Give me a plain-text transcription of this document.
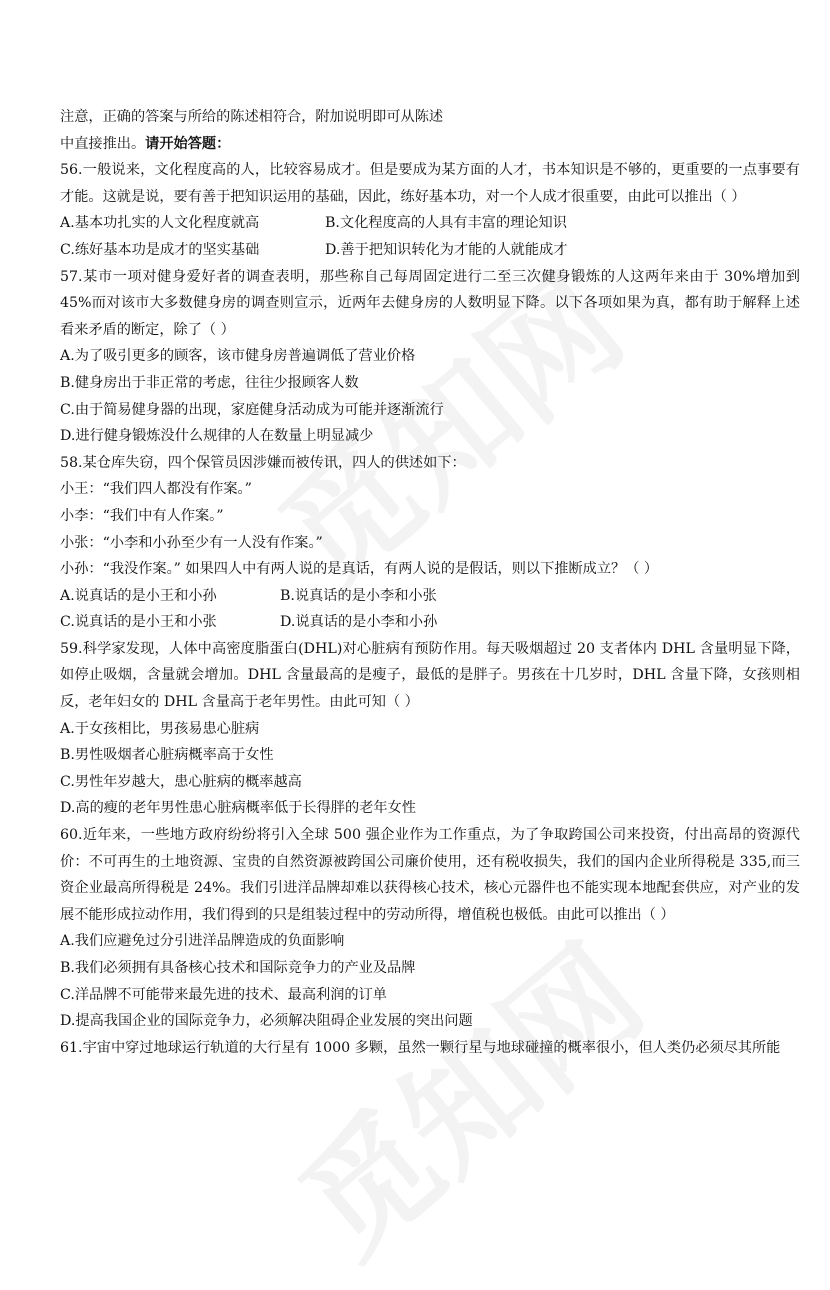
注意，正确的答案与所给的陈述相符合，附加说明即可从陈述
中直接推出。请开始答题：
56.一般说来，文化程度高的人，比较容易成才。但是要成为某方面的人才，书本知识是不够的，更重要的一点事要有才能。这就是说，要有善于把知识运用的基础，因此，练好基本功，对一个人成才很重要，由此可以推出（ ）
A.基本功扎实的人文化程度就高	B.文化程度高的人具有丰富的理论知识
C.练好基本功是成才的坚实基础	D.善于把知识转化为才能的人就能成才
57.某市一项对健身爱好者的调查表明，那些称自己每周固定进行二至三次健身锻炼的人这两年来由于 30%增加到45%而对该市大多数健身房的调查则宣示，近两年去健身房的人数明显下降。以下各项如果为真，都有助于解释上述看来矛盾的断定，除了（ ）
A.为了吸引更多的顾客，该市健身房普遍调低了营业价格
B.健身房出于非正常的考虑，往往少报顾客人数
C.由于简易健身器的出现，家庭健身活动成为可能并逐渐流行
D.进行健身锻炼没什么规律的人在数量上明显减少
58.某仓库失窃，四个保管员因涉嫌而被传讯，四人的供述如下：
小王：“我们四人都没有作案。”
小李：“我们中有人作案。”
小张：“小李和小孙至少有一人没有作案。”
小孙：“我没作案。” 如果四人中有两人说的是真话，有两人说的是假话，则以下推断成立？（ ）
A.说真话的是小王和小孙	B.说真话的是小李和小张
C.说真话的是小王和小张	D.说真话的是小李和小孙
59.科学家发现，人体中高密度脂蛋白(DHL)对心脏病有预防作用。每天吸烟超过 20 支者体内 DHL 含量明显下降，如停止吸烟，含量就会增加。DHL 含量最高的是瘦子，最低的是胖子。男孩在十几岁时，DHL 含量下降，女孩则相反，老年妇女的 DHL 含量高于老年男性。由此可知（ ）
A.于女孩相比，男孩易患心脏病
B.男性吸烟者心脏病概率高于女性
C.男性年岁越大，患心脏病的概率越高
D.高的瘦的老年男性患心脏病概率低于长得胖的老年女性
60.近年来，一些地方政府纷纷将引入全球 500 强企业作为工作重点，为了争取跨国公司来投资，付出高昂的资源代价：不可再生的土地资源、宝贵的自然资源被跨国公司廉价使用，还有税收损失，我们的国内企业所得税是 335,而三资企业最高所得税是 24%。我们引进洋品牌却难以获得核心技术，核心元器件也不能实现本地配套供应，对产业的发展不能形成拉动作用，我们得到的只是组装过程中的劳动所得，增值税也极低。由此可以推出（ ）
A.我们应避免过分引进洋品牌造成的负面影响
B.我们必须拥有具备核心技术和国际竞争力的产业及品牌
C.洋品牌不可能带来最先进的技术、最高利润的订单
D.提高我国企业的国际竞争力，必须解决阻碍企业发展的突出问题
61.宇宙中穿过地球运行轨道的大行星有 1000 多颗，虽然一颗行星与地球碰撞的概率很小，但人类仍必须尽其所能
